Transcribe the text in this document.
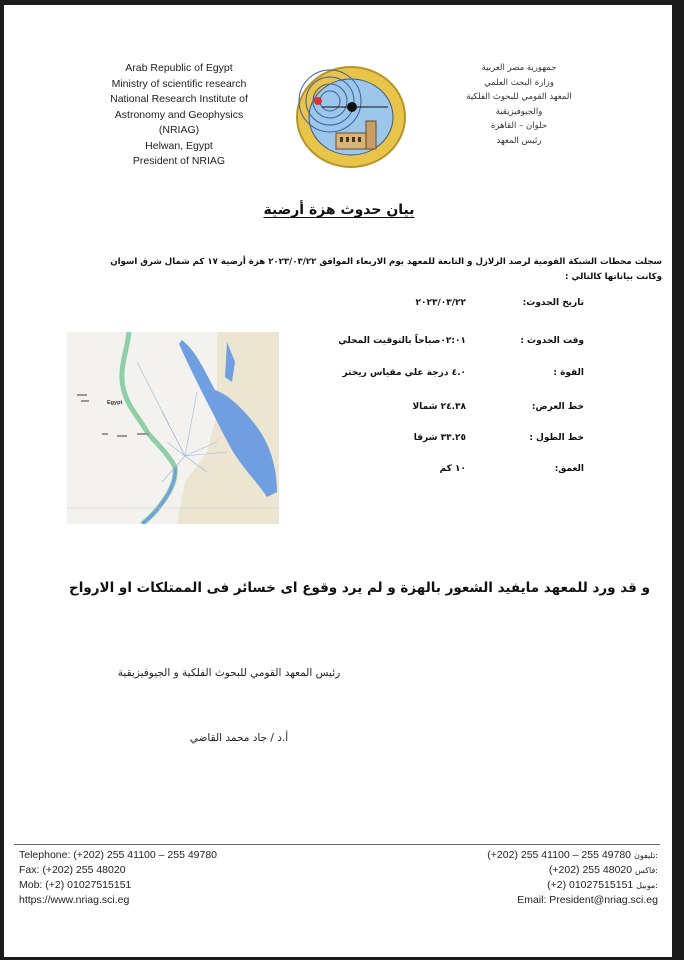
Arab Republic of Egypt
Ministry of scientific research
National Research Institute of
Astronomy and Geophysics
(NRIAG)
Helwan, Egypt
President of NRIAG
جمهورية مصر العربية
وزارة البحث العلمي
المعهد القومي للبحوث الفلكية
والجيوفيزيقية
حلوان – القاهرة
رئيس المعهد
بيان حدوث هزة أرضية
سجلت محطات الشبكة القومية لرصد الزلازل و التابعة للمعهد يوم الاربعاء الموافق ٢٠٢٣/٠٣/٢٢ هزة أرضية ١٧ كم شمال شرق اسوان وكانت بياناتها كالتالي :
تاريخ الحدوث:
٢٠٢٣/٠٣/٢٢
وقت الحدوث :
٠٢:٠١صباحاً بالتوقيت المحلي
القوة :
٤.٠ درجة علي مقياس ريختر
خط العرض:
٢٤.٣٨ شمالا
خط الطول :
٣٣.٢٥ شرقا
العمق:
١٠ كم
Egypt
و قد ورد للمعهد مايفيد الشعور بالهزة و لم يرد وقوع اى خسائر فى الممتلكات او الارواح
رئيس المعهد القومي للبحوث الفلكية و الجيوفيزيقية
أ.د / جاد محمد القاضي
Telephone: (+202) 255 41100 – 255 49780
Fax: (+202) 255 48020
Mob: (+2) 01027515151
https://www.nriag.sci.eg
(+202) 255 41100 – 255 49780 تليفون:
(+202) 255 48020 فاكس:
(+2) 01027515151 موبيل:
Email: President@nriag.sci.eg
